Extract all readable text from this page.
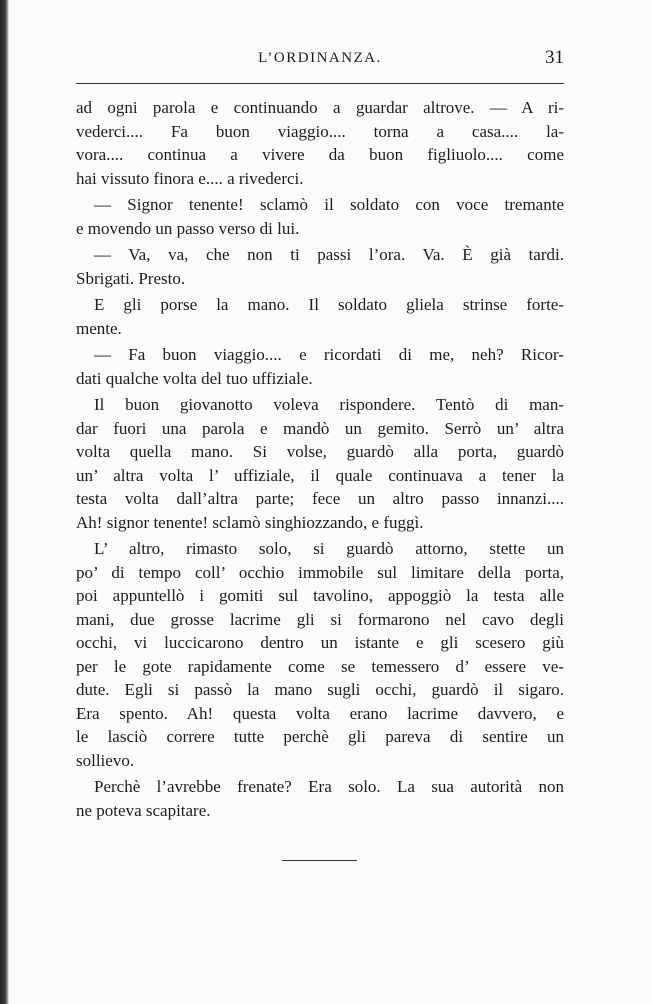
L’ORDINANZA.	31
ad ogni parola e continuando a guardar altrove. — A ri-
vederci.... Fa buon viaggio.... torna a casa.... la-
vora.... continua a vivere da buon figliuolo.... come
hai vissuto finora e.... a rivederci.
— Signor tenente! sclamò il soldato con voce tremante
e movendo un passo verso di lui.
— Va, va, che non ti passi l’ora. Va. È già tardi.
Sbrigati. Presto.
E gli porse la mano. Il soldato gliela strinse forte-
mente.
— Fa buon viaggio.... e ricordati di me, neh? Ricor-
dati qualche volta del tuo uffiziale.
Il buon giovanotto voleva rispondere. Tentò di man-
dar fuori una parola e mandò un gemito. Serrò un’ altra
volta quella mano. Si volse, guardò alla porta, guardò
un’ altra volta l’ uffiziale, il quale continuava a tener la
testa volta dall’altra parte; fece un altro passo innanzi....
Ah! signor tenente! sclamò singhiozzando, e fuggì.
L’ altro, rimasto solo, si guardò attorno, stette un
po’ di tempo coll’ occhio immobile sul limitare della porta,
poi appuntellò i gomiti sul tavolino, appoggiò la testa alle
mani, due grosse lacrime gli si formarono nel cavo degli
occhi, vi luccicarono dentro un istante e gli scesero giù
per le gote rapidamente come se temessero d’ essere ve-
dute. Egli si passò la mano sugli occhi, guardò il sigaro.
Era spento. Ah! questa volta erano lacrime davvero, e
le lasciò correre tutte perchè gli pareva di sentire un
sollievo.
Perchè l’avrebbe frenate? Era solo. La sua autorità non
ne poteva scapitare.
